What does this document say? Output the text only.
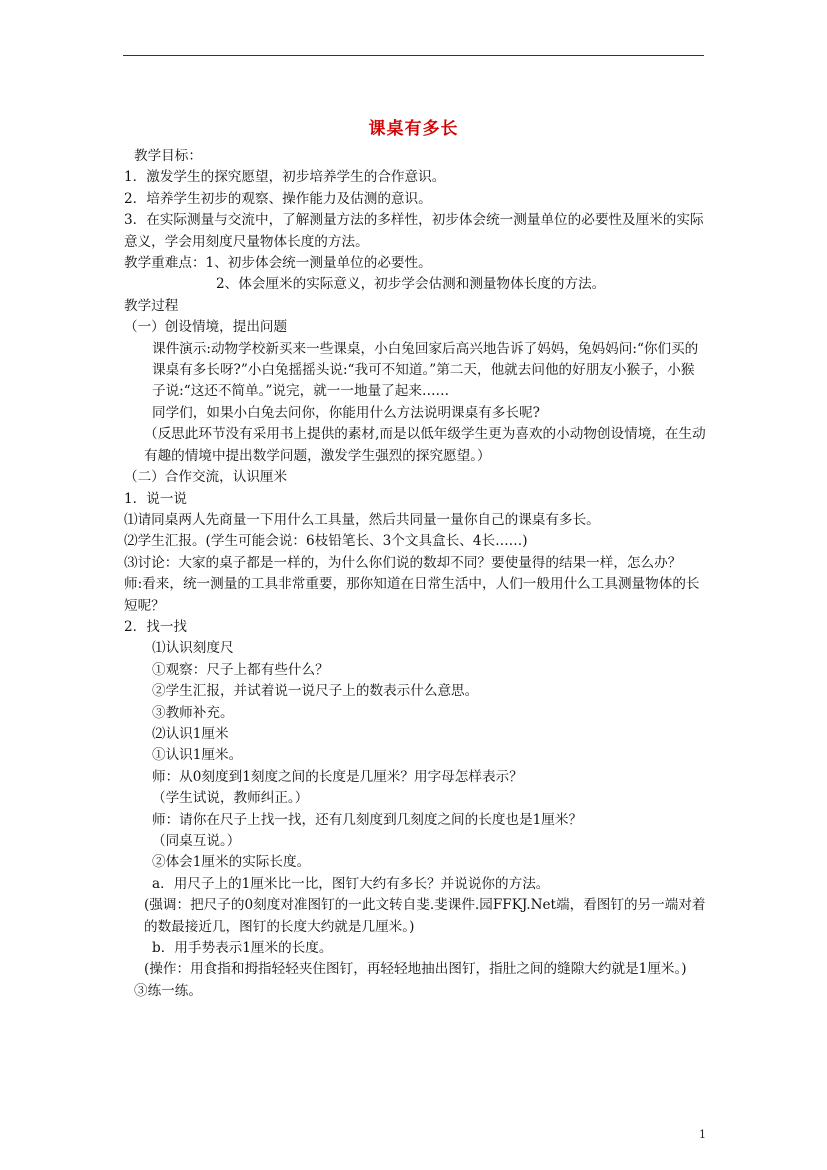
课桌有多长

教学目标：

1．激发学生的探究愿望，初步培养学生的合作意识。

2．培养学生初步的观察、操作能力及估测的意识。

3．在实际测量与交流中，了解测量方法的多样性，初步体会统一测量单位的必要性及厘米的实际意义，学会用刻度尺量物体长度的方法。

教学重难点：1、初步体会统一测量单位的必要性。

2、体会厘米的实际意义，初步学会估测和测量物体长度的方法。

教学过程

（一）创设情境，提出问题

课件演示:动物学校新买来一些课桌，小白兔回家后高兴地告诉了妈妈，兔妈妈问:“你们买的课桌有多长呀?”小白兔摇摇头说:“我可不知道。”第二天，他就去问他的好朋友小猴子，小猴子说:“这还不简单。”说完，就一一地量了起来……

同学们，如果小白兔去问你，你能用什么方法说明课桌有多长呢?

（反思此环节没有采用书上提供的素材,而是以低年级学生更为喜欢的小动物创设情境，在生动有趣的情境中提出数学问题，激发学生强烈的探究愿望。）

（二）合作交流，认识厘米

1．说一说

⑴请同桌两人先商量一下用什么工具量，然后共同量一量你自己的课桌有多长。

⑵学生汇报。(学生可能会说：6枝铅笔长、3个文具盒长、4长……)

⑶讨论：大家的桌子都是一样的，为什么你们说的数却不同？要使量得的结果一样，怎么办？

师:看来，统一测量的工具非常重要，那你知道在日常生活中，人们一般用什么工具测量物体的长短呢？

2．找一找

⑴认识刻度尺

①观察：尺子上都有些什么？

②学生汇报，并试着说一说尺子上的数表示什么意思。

③教师补充。

⑵认识1厘米

①认识1厘米。

师：从0刻度到1刻度之间的长度是几厘米？用字母怎样表示？

（学生试说，教师纠正。）

师：请你在尺子上找一找，还有几刻度到几刻度之间的长度也是1厘米？

（同桌互说。）

②体会1厘米的实际长度。

a．用尺子上的1厘米比一比，图钉大约有多长？并说说你的方法。

(强调：把尺子的0刻度对准图钉的一此文转自斐.斐课件.园FFKJ.Net端，看图钉的另一端对着的数最接近几，图钉的长度大约就是几厘米。)

b．用手势表示1厘米的长度。

(操作：用食指和拇指轻轻夹住图钉，再轻轻地抽出图钉，指肚之间的缝隙大约就是1厘米。)

③练一练。

1
